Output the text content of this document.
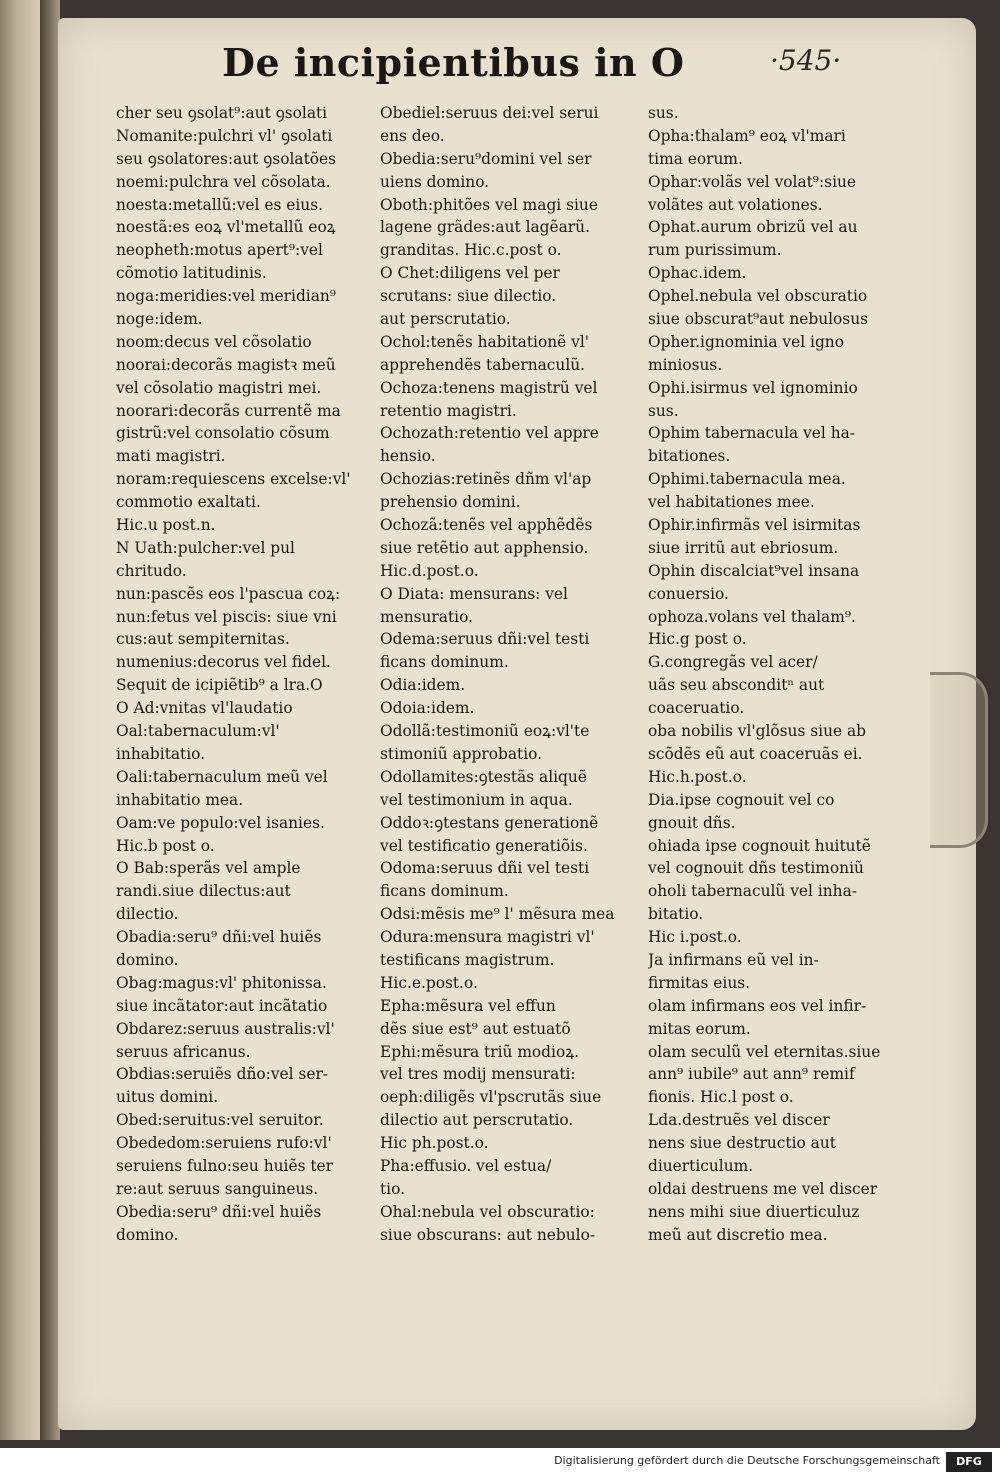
De incipientibus in O	·545·
cher seu ꝯsolat⁹:aut ꝯsolati
Nomanite:pulchri vl' ꝯsolati
seu ꝯsolatores:aut ꝯsolatões
noemi:pulchra vel cõsolata.
noesta:metallũ:vel es eius.
noestã:es eoꝝ vl'metallũ eoꝝ
neopheth:motus apert⁹:vel
cõmotio latitudinis.
noga:meridies:vel meridian⁹
noge:idem.
noom:decus vel cõsolatio
noorai:decorãs magistꝛ meũ
vel cõsolatio magistri mei.
noorari:decorãs currentẽ ma
gistrũ:vel consolatio cõsum
mati magistri.
noram:requiescens excelse:vl'
commotio exaltati.
Hic.u post.n.
N Uath:pulcher:vel pul
chritudo.
nun:pascẽs eos l'pascua coꝝ:
nun:fetus vel piscis: siue vni
cus:aut sempiternitas.
numenius:decorus vel fidel.
Sequit de icipiẽtib⁹ a lra.O
O Ad:vnitas vl'laudatio
Oal:tabernaculum:vl'
inhabitatio.
Oali:tabernaculum meũ vel
inhabitatio mea.
Oam:ve populo:vel isanies.
Hic.b post o.
O Bab:sperãs vel ample
randi.siue dilectus:aut
dilectio.
Obadia:seru⁹ dñi:vel huiẽs
domino.
Obag:magus:vl' phitonissa.
siue incãtator:aut incãtatio
Obdarez:seruus australis:vl'
seruus africanus.
Obdias:seruiẽs dño:vel ser-
uitus domini.
Obed:seruitus:vel seruitor.
Obededom:seruiens rufo:vl'
seruiens fulno:seu huiẽs ter
re:aut seruus sanguineus.
Obedia:seru⁹ dñi:vel huiẽs
domino.
Obediel:seruus dei:vel serui
ens deo.
Obedia:seru⁹domini vel ser
uiens domino.
Oboth:phitões vel magi siue
lagene grãdes:aut lagẽarũ.
granditas. Hic.c.post o.
O Chet:diligens vel per
scrutans: siue dilectio.
aut perscrutatio.
Ochol:tenẽs habitationẽ vl'
apprehendẽs tabernaculũ.
Ochoza:tenens magistrũ vel
retentio magistri.
Ochozath:retentio vel appre
hensio.
Ochozias:retinẽs dñm vl'ap
prehensio domini.
Ochozã:tenẽs vel apphẽdẽs
siue retẽtio aut apphensio.
Hic.d.post.o.
O Diata: mensurans: vel
mensuratio.
Odema:seruus dñi:vel testi
ficans dominum.
Odia:idem.
Odoia:idem.
Odollã:testimoniũ eoꝝ:vl'te
stimoniũ approbatio.
Odollamites:ꝯtestãs aliquẽ
vel testimonium in aqua.
Oddoꝛ:ꝯtestans generationẽ
vel testificatio generatiõis.
Odoma:seruus dñi vel testi
ficans dominum.
Odsi:mẽsis me⁹ l' mẽsura mea
Odura:mensura magistri vl'
testificans magistrum.
Hic.e.post.o.
Epha:mẽsura vel effun
dẽs siue est⁹ aut estuatõ
Ephi:mẽsura triũ modioꝝ.
vel tres modij mensurati:
oeph:diligẽs vl'pscrutãs siue
dilectio aut perscrutatio.
Hic ph.post.o.
Pha:effusio. vel estua/
tio.
Ohal:nebula vel obscuratio:
siue obscurans: aut nebulo-
sus.
Opha:thalam⁹ eoꝝ vl'mari
tima eorum.
Ophar:volãs vel volat⁹:siue
volãtes aut volationes.
Ophat.aurum obrizũ vel au
rum purissimum.
Ophac.idem.
Ophel.nebula vel obscuratio
siue obscurat⁹aut nebulosus
Opher.ignominia vel igno
miniosus.
Ophi.isirmus vel ignominio
sus.
Ophim tabernacula vel ha-
bitationes.
Ophimi.tabernacula mea.
vel habitationes mee.
Ophir.infirmãs vel isirmitas
siue irritũ aut ebriosum.
Ophin discalciat⁹vel insana
conuersio.
ophoza.volans vel thalam⁹.
Hic.g post o.
G.congregãs vel acer/
uãs seu absconditⁿ aut
coaceruatio.
oba nobilis vl'glõsus siue ab
scõdẽs eũ aut coaceruãs ei.
Hic.h.post.o.
Dia.ipse cognouit vel co
gnouit dñs.
ohiada ipse cognouit huitutẽ
vel cognouit dñs testimoniũ
oholi tabernaculũ vel inha-
bitatio.
Hic i.post.o.
Ja infirmans eũ vel in-
firmitas eius.
olam infirmans eos vel infir-
mitas eorum.
olam seculũ vel eternitas.siue
ann⁹ iubile⁹ aut ann⁹ remif
fionis. Hic.l post o.
Lda.destruẽs vel discer
nens siue destructio aut
diuerticulum.
oldai destruens me vel discer
nens mihi siue diuerticuluz
meũ aut discretio mea.
Digitalisierung gefördert durch die Deutsche Forschungsgemeinschaft	DFG
